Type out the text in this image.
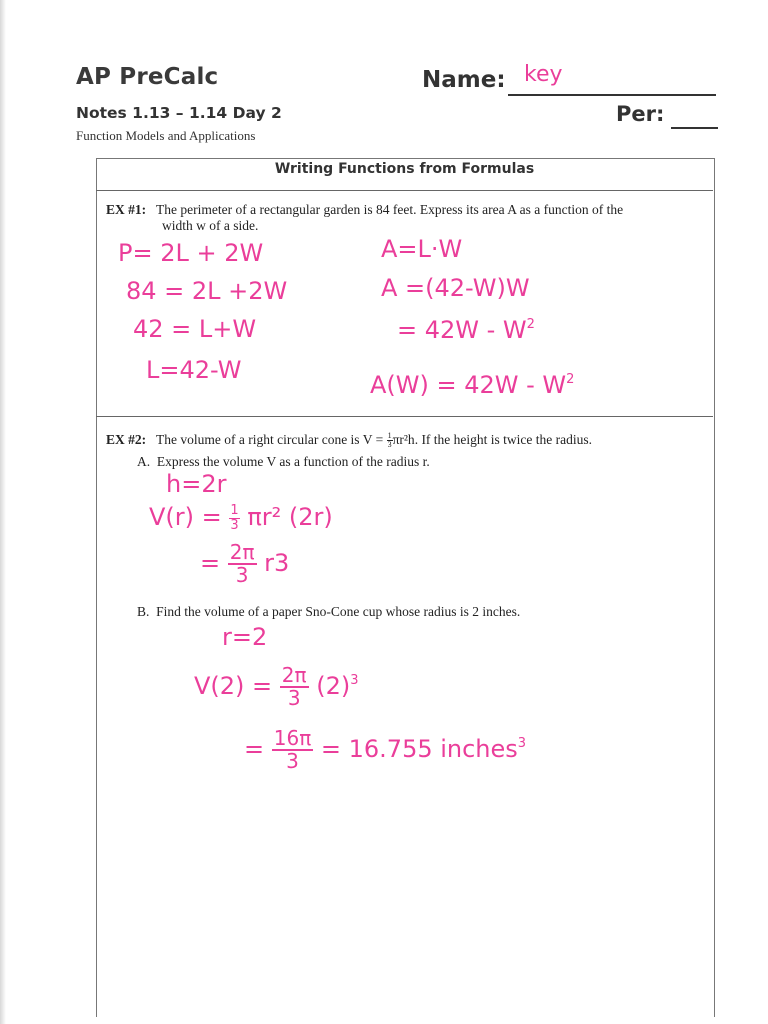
AP PreCalc
Notes 1.13 – 1.14 Day 2
Function Models and Applications
Name: key
Per:
Writing Functions from Formulas
EX #1: The perimeter of a rectangular garden is 84 feet. Express its area A as a function of the
width w of a side.
P= 2L + 2W
84 = 2L +2W
42 = L+W
L=42-W
A=L·W
A =(42-W)W
= $42W - W^2$
$A(W) = 42W - W^2$
EX #2: The volume of a right circular cone is $V = \frac{1}{3} \pi r^2h$. If the height is twice the radius.
A. Express the volume V as a function of the radius r.
h=2r
$V(r) = \frac{1}{3} \pi r^2$ (2r)
= $\frac{2\pi}{3} r3$
B. Find the volume of a paper Sno-Cone cup whose radius is 2 inches.
r=2
$V(2) = \frac{2\pi}{3} (2)^3$
= $\frac{16\pi}{3} = 16.755$ inches$^3$
